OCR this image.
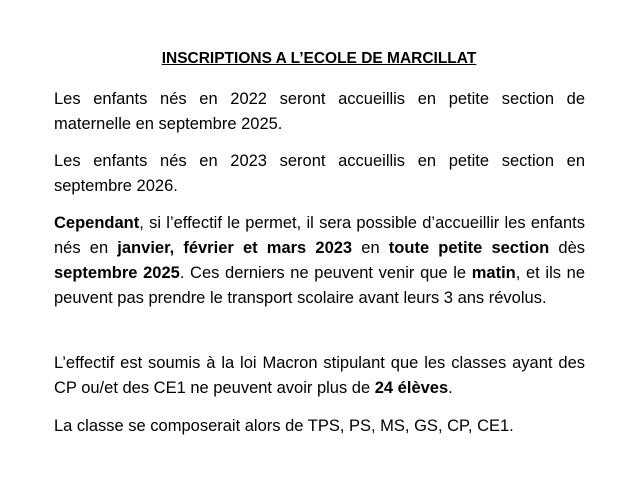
INSCRIPTIONS A L’ECOLE DE MARCILLAT

Les enfants nés en 2022 seront accueillis en petite section de maternelle en septembre 2025.

Les enfants nés en 2023 seront accueillis en petite section en septembre 2026.

Cependant, si l’effectif le permet, il sera possible d’accueillir les enfants nés en janvier, février et mars 2023 en toute petite section dès septembre 2025. Ces derniers ne peuvent venir que le matin, et ils ne peuvent pas prendre le transport scolaire avant leurs 3 ans révolus.

L’effectif est soumis à la loi Macron stipulant que les classes ayant des CP ou/et des CE1 ne peuvent avoir plus de 24 élèves.

La classe se composerait alors de TPS, PS, MS, GS, CP, CE1.
